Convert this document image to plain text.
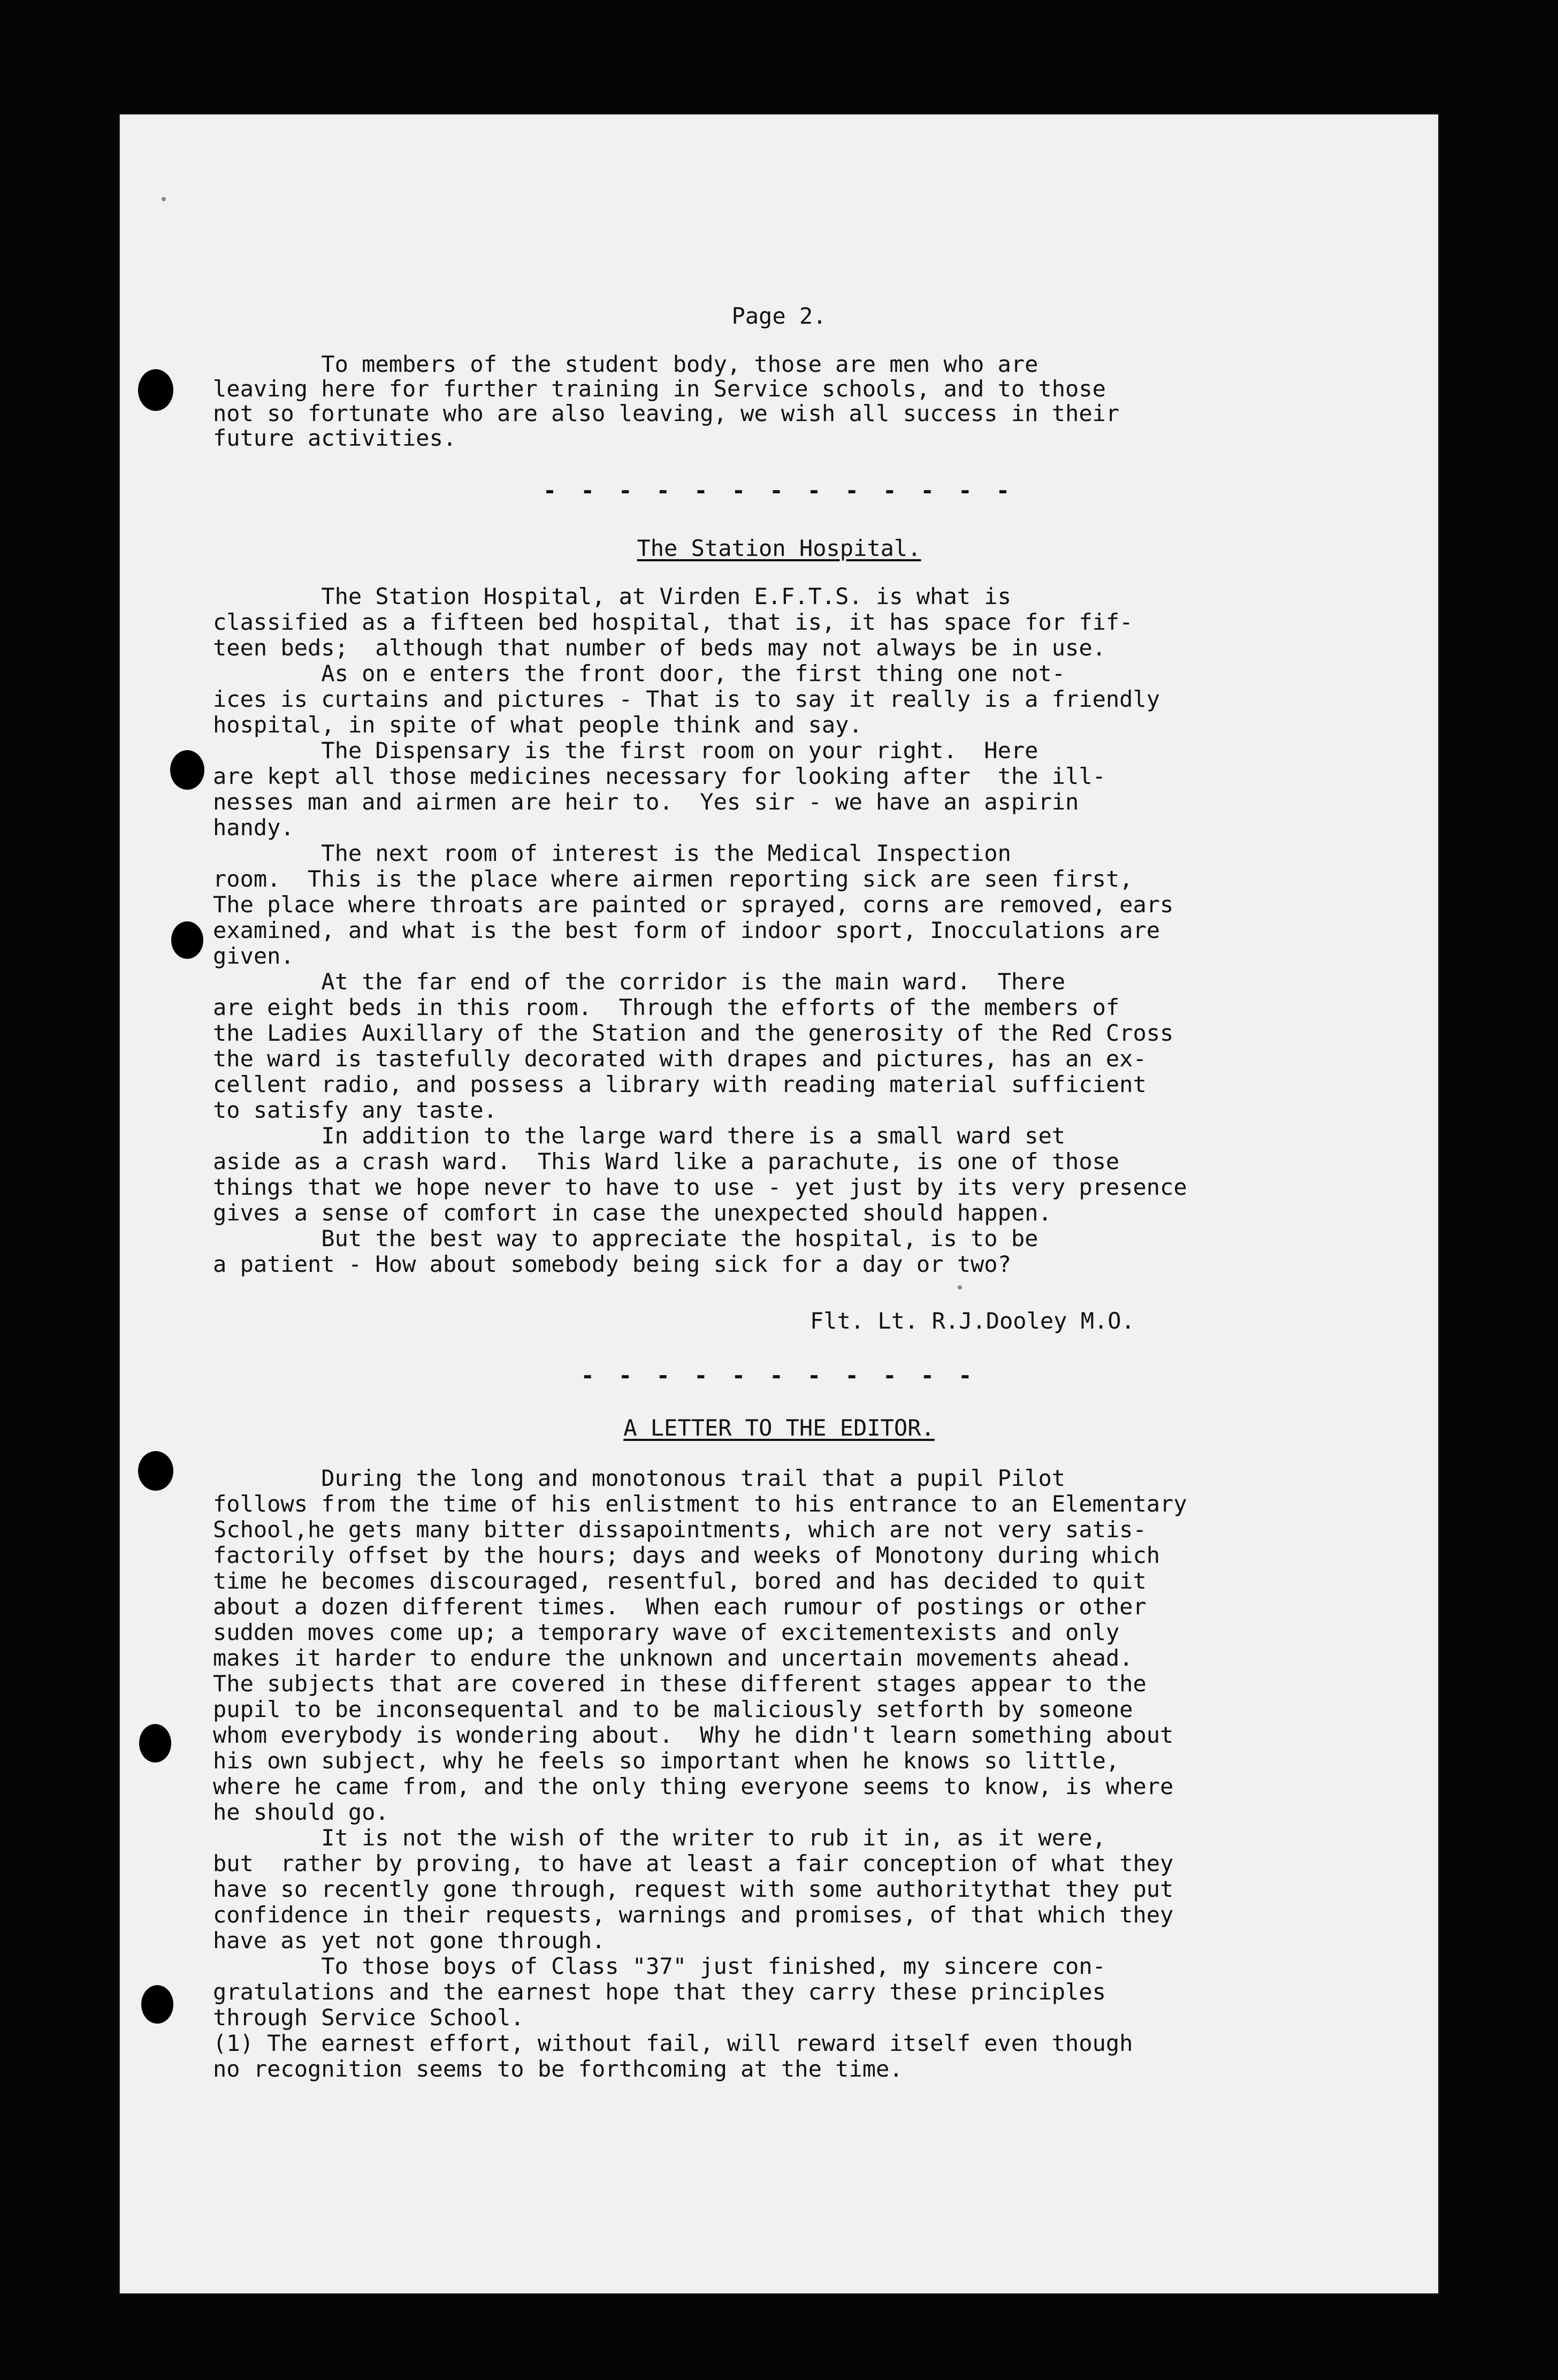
Page 2.
To members of the student body, those are men who are
leaving here for further training in Service schools, and to those
not so fortunate who are also leaving, we wish all success in their
future activities.
- - - - - - - - - - - - -
The Station Hospital.
The Station Hospital, at Virden E.F.T.S. is what is
classified as a fifteen bed hospital, that is, it has space for fif-
teen beds;  although that number of beds may not always be in use.
As on e enters the front door, the first thing one not-
ices is curtains and pictures - That is to say it really is a friendly
hospital, in spite of what people think and say.
The Dispensary is the first room on your right.  Here
are kept all those medicines necessary for looking after  the ill-
nesses man and airmen are heir to.  Yes sir - we have an aspirin
handy.
The next room of interest is the Medical Inspection
room.  This is the place where airmen reporting sick are seen first,
The place where throats are painted or sprayed, corns are removed, ears
examined, and what is the best form of indoor sport, Inocculations are
given.
At the far end of the corridor is the main ward.  There
are eight beds in this room.  Through the efforts of the members of
the Ladies Auxillary of the Station and the generosity of the Red Cross
the ward is tastefully decorated with drapes and pictures, has an ex-
cellent radio, and possess a library with reading material sufficient
to satisfy any taste.
In addition to the large ward there is a small ward set
aside as a crash ward.  This Ward like a parachute, is one of those
things that we hope never to have to use - yet just by its very presence
gives a sense of comfort in case the unexpected should happen.
But the best way to appreciate the hospital, is to be
a patient - How about somebody being sick for a day or two?
Flt. Lt. R.J.Dooley M.O.
- - - - - - - - - - -
A LETTER TO THE EDITOR.
During the long and monotonous trail that a pupil Pilot
follows from the time of his enlistment to his entrance to an Elementary
School,he gets many bitter dissapointments, which are not very satis-
factorily offset by the hours; days and weeks of Monotony during which
time he becomes discouraged, resentful, bored and has decided to quit
about a dozen different times.  When each rumour of postings or other
sudden moves come up; a temporary wave of excitementexists and only
makes it harder to endure the unknown and uncertain movements ahead.
The subjects that are covered in these different stages appear to the
pupil to be inconsequental and to be maliciously setforth by someone
whom everybody is wondering about.  Why he didn't learn something about
his own subject, why he feels so important when he knows so little,
where he came from, and the only thing everyone seems to know, is where
he should go.
It is not the wish of the writer to rub it in, as it were,
but  rather by proving, to have at least a fair conception of what they
have so recently gone through, request with some authoritythat they put
confidence in their requests, warnings and promises, of that which they
have as yet not gone through.
To those boys of Class "37" just finished, my sincere con-
gratulations and the earnest hope that they carry these principles
through Service School.
(1) The earnest effort, without fail, will reward itself even though
no recognition seems to be forthcoming at the time.
